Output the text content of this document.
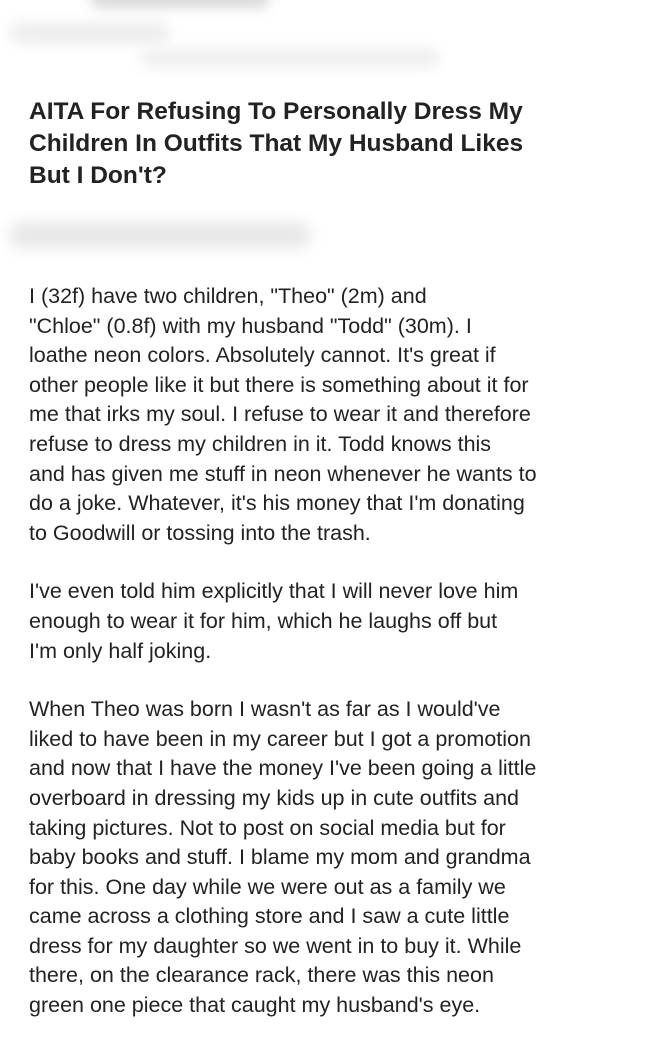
AITA For Refusing To Personally Dress My
Children In Outfits That My Husband Likes
But I Don't?

I (32f) have two children, "Theo" (2m) and
"Chloe" (0.8f) with my husband "Todd" (30m). I
loathe neon colors. Absolutely cannot. It's great if
other people like it but there is something about it for
me that irks my soul. I refuse to wear it and therefore
refuse to dress my children in it. Todd knows this
and has given me stuff in neon whenever he wants to
do a joke. Whatever, it's his money that I'm donating
to Goodwill or tossing into the trash.

I've even told him explicitly that I will never love him
enough to wear it for him, which he laughs off but
I'm only half joking.

When Theo was born I wasn't as far as I would've
liked to have been in my career but I got a promotion
and now that I have the money I've been going a little
overboard in dressing my kids up in cute outfits and
taking pictures. Not to post on social media but for
baby books and stuff. I blame my mom and grandma
for this. One day while we were out as a family we
came across a clothing store and I saw a cute little
dress for my daughter so we went in to buy it. While
there, on the clearance rack, there was this neon
green one piece that caught my husband's eye.
